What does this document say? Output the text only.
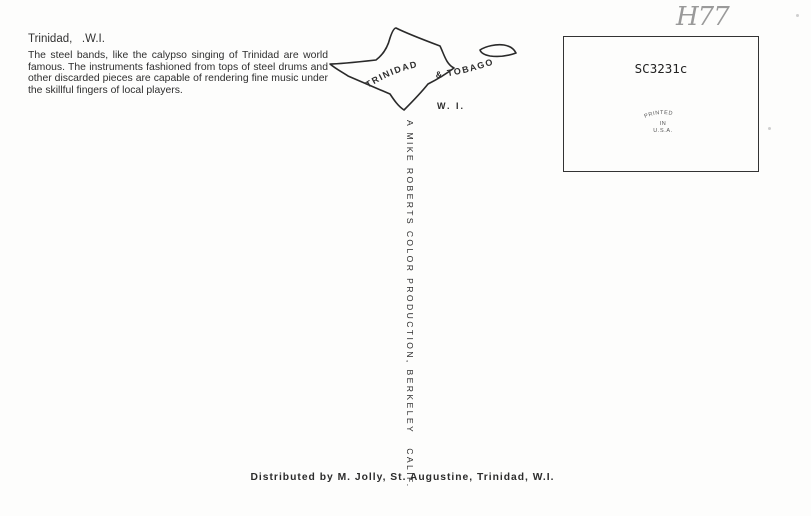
H77
Trinidad,   .W.I.
The steel bands, like the calypso singing of Trinidad are world famous. The instruments fashioned from tops of steel drums and other discarded pieces are capable of rendering fine music under the skillful fingers of local players.
TRINIDAD
& TOBAGO
W. I.
A MIKE ROBERTS COLOR PRODUCTION, BERKELEY   CALIF.
SC3231c
PRINTED
IN
U.S.A.
Distributed by M. Jolly, St. Augustine, Trinidad, W.I.
